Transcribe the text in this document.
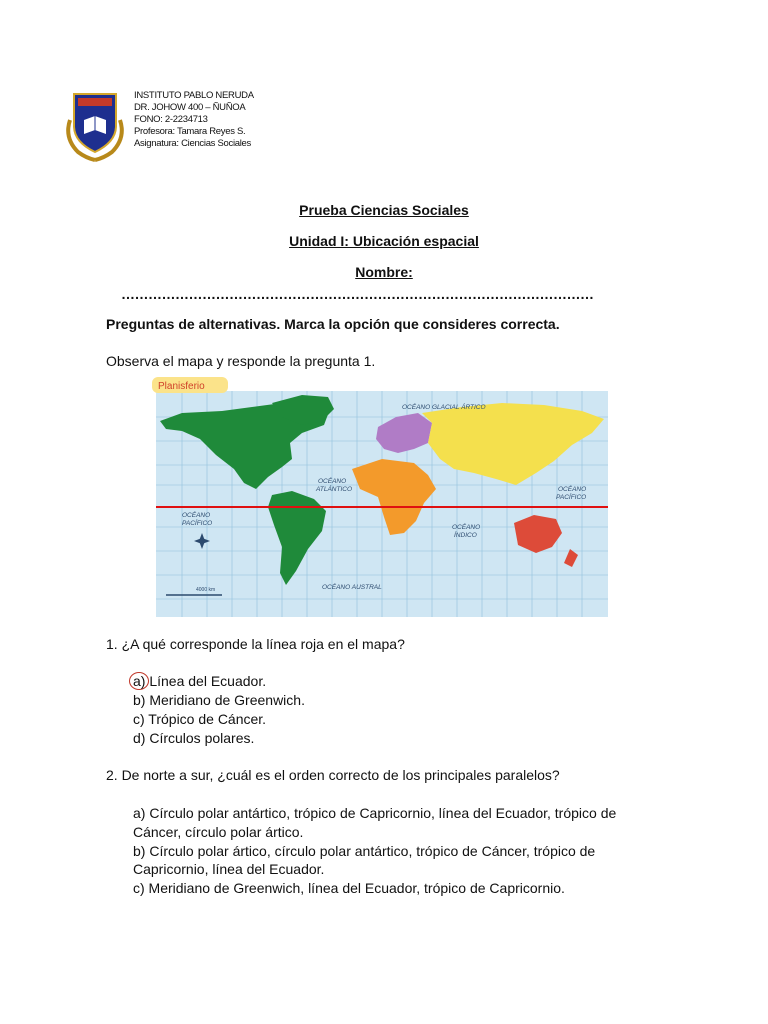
INSTITUTO PABLO NERUDA
DR. JOHOW 400 – ÑUÑOA
FONO: 2-2234713
Profesora: Tamara Reyes S.
Asignatura: Ciencias Sociales
Prueba Ciencias Sociales
Unidad I: Ubicación espacial
Nombre:
……………………………………………………………………………………………
Preguntas de alternativas. Marca la opción que consideres correcta.
Observa el mapa y responde la pregunta 1.
Planisferio
OCÉANO GLACIAL ÁRTICO
OCÉANO
ATLÁNTICO
OCÉANO
PACÍFICO
OCÉANO
PACÍFICO
OCÉANO
ÍNDICO
OCÉANO AUSTRAL
4000 km
1. ¿A qué corresponde la línea roja en el mapa?
a) Línea del Ecuador.
b) Meridiano de Greenwich.
c) Trópico de Cáncer.
d) Círculos polares.
2. De norte a sur, ¿cuál es el orden correcto de los principales paralelos?
a) Círculo polar antártico, trópico de Capricornio, línea del Ecuador, trópico de
Cáncer, círculo polar ártico.
b) Círculo polar ártico, círculo polar antártico, trópico de Cáncer, trópico de
Capricornio, línea del Ecuador.
c) Meridiano de Greenwich, línea del Ecuador, trópico de Capricornio.
